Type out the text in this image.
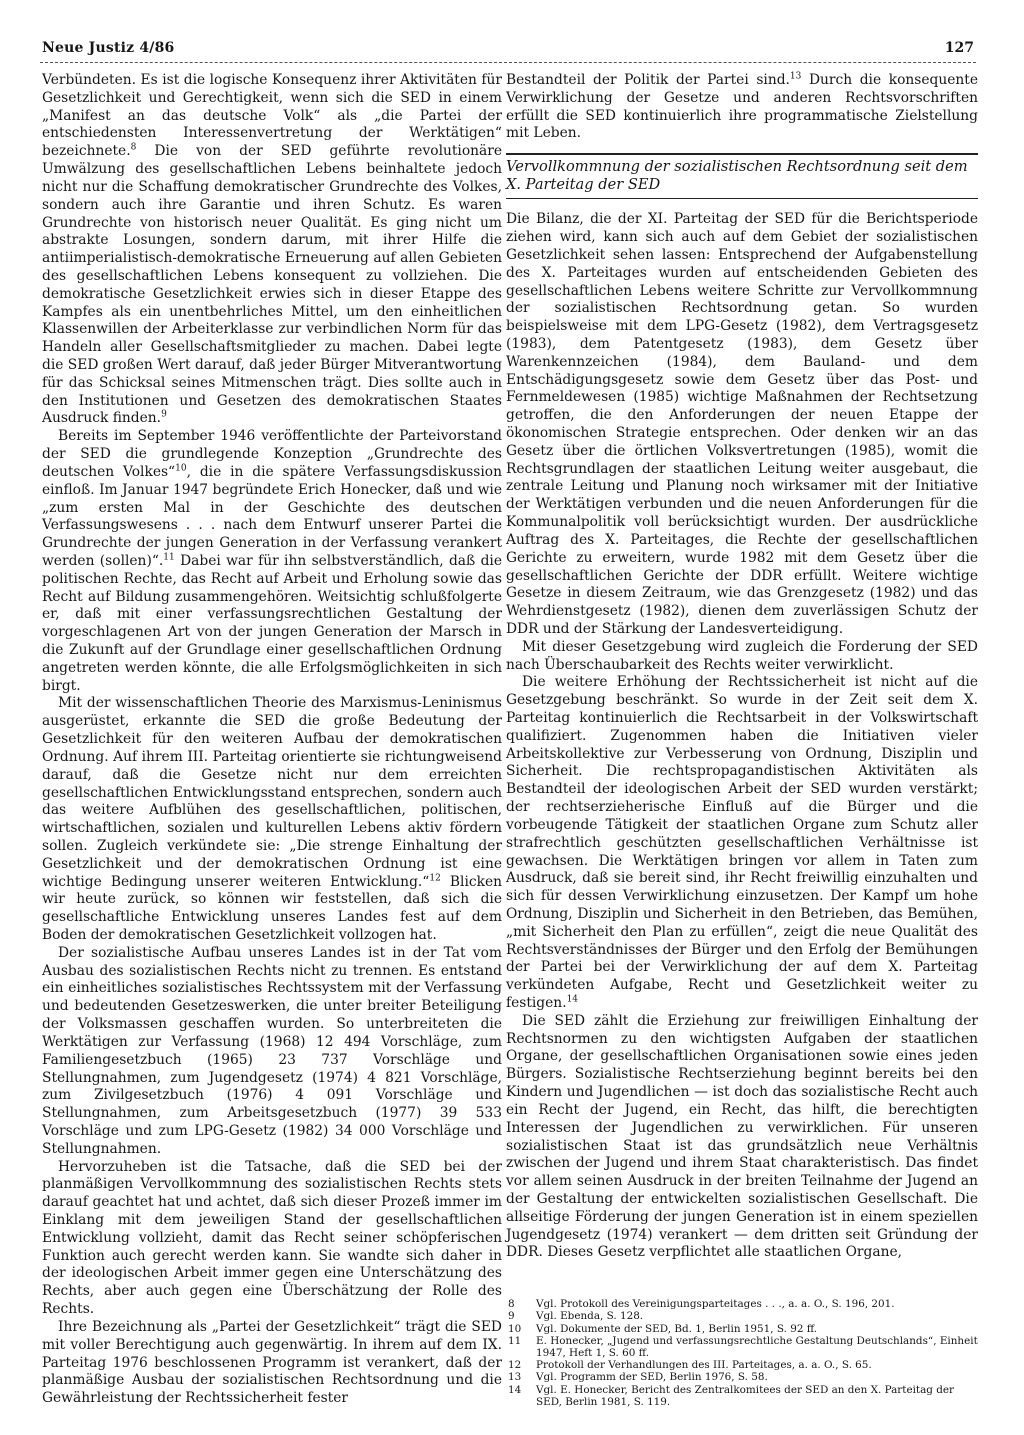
Neue Justiz 4/86	127

Verbündeten. Es ist die logische Konsequenz ihrer Aktivitäten für Gesetzlichkeit und Gerechtigkeit, wenn sich die SED in einem „Manifest an das deutsche Volk“ als „die Partei der entschiedensten Interessenvertretung der Werktätigen“ bezeichnete.$^8$ Die von der SED geführte revolutionäre Umwälzung des gesellschaftlichen Lebens beinhaltete jedoch nicht nur die Schaffung demokratischer Grundrechte des Volkes, sondern auch ihre Garantie und ihren Schutz. Es waren Grundrechte von historisch neuer Qualität. Es ging nicht um abstrakte Losungen, sondern darum, mit ihrer Hilfe die antiimperialistisch-demokratische Erneuerung auf allen Gebieten des gesellschaftlichen Lebens konsequent zu vollziehen. Die demokratische Gesetzlichkeit erwies sich in dieser Etappe des Kampfes als ein unentbehrliches Mittel, um den einheitlichen Klassenwillen der Arbeiterklasse zur verbindlichen Norm für das Handeln aller Gesellschaftsmitglieder zu machen. Dabei legte die SED großen Wert darauf, daß jeder Bürger Mitverantwortung für das Schicksal seines Mitmenschen trägt. Dies sollte auch in den Institutionen und Gesetzen des demokratischen Staates Ausdruck finden.$^9$

Bereits im September 1946 veröffentlichte der Parteivorstand der SED die grundlegende Konzeption „Grundrechte des deutschen Volkes“$^{10}$, die in die spätere Verfassungsdiskussion einfloß. Im Januar 1947 begründete Erich Honecker, daß und wie „zum ersten Mal in der Geschichte des deutschen Verfassungswesens . . . nach dem Entwurf unserer Partei die Grundrechte der jungen Generation in der Verfassung verankert werden (sollen)“.$^{11}$ Dabei war für ihn selbstverständlich, daß die politischen Rechte, das Recht auf Arbeit und Erholung sowie das Recht auf Bildung zusammengehören. Weitsichtig schlußfolgerte er, daß mit einer verfassungsrechtlichen Gestaltung der vorgeschlagenen Art von der jungen Generation der Marsch in die Zukunft auf der Grundlage einer gesellschaftlichen Ordnung angetreten werden könnte, die alle Erfolgsmöglichkeiten in sich birgt.

Mit der wissenschaftlichen Theorie des Marxismus-Leninismus ausgerüstet, erkannte die SED die große Bedeutung der Gesetzlichkeit für den weiteren Aufbau der demokratischen Ordnung. Auf ihrem III. Parteitag orientierte sie richtungweisend darauf, daß die Gesetze nicht nur dem erreichten gesellschaftlichen Entwicklungsstand entsprechen, sondern auch das weitere Aufblühen des gesellschaftlichen, politischen, wirtschaftlichen, sozialen und kulturellen Lebens aktiv fördern sollen. Zugleich verkündete sie: „Die strenge Einhaltung der Gesetzlichkeit und der demokratischen Ordnung ist eine wichtige Bedingung unserer weiteren Entwicklung.“$^{12}$ Blicken wir heute zurück, so können wir feststellen, daß sich die gesellschaftliche Entwicklung unseres Landes fest auf dem Boden der demokratischen Gesetzlichkeit vollzogen hat.

Der sozialistische Aufbau unseres Landes ist in der Tat vom Ausbau des sozialistischen Rechts nicht zu trennen. Es entstand ein einheitliches sozialistisches Rechtssystem mit der Verfassung und bedeutenden Gesetzeswerken, die unter breiter Beteiligung der Volksmassen geschaffen wurden. So unterbreiteten die Werktätigen zur Verfassung (1968) 12 494 Vorschläge, zum Familiengesetzbuch (1965) 23 737 Vorschläge und Stellungnahmen, zum Jugendgesetz (1974) 4 821 Vorschläge, zum Zivilgesetzbuch (1976) 4 091 Vorschläge und Stellungnahmen, zum Arbeitsgesetzbuch (1977) 39 533 Vorschläge und zum LPG-Gesetz (1982) 34 000 Vorschläge und Stellungnahmen.

Hervorzuheben ist die Tatsache, daß die SED bei der planmäßigen Vervollkommnung des sozialistischen Rechts stets darauf geachtet hat und achtet, daß sich dieser Prozeß immer im Einklang mit dem jeweiligen Stand der gesellschaftlichen Entwicklung vollzieht, damit das Recht seiner schöpferischen Funktion auch gerecht werden kann. Sie wandte sich daher in der ideologischen Arbeit immer gegen eine Unterschätzung des Rechts, aber auch gegen eine Überschätzung der Rolle des Rechts.

Ihre Bezeichnung als „Partei der Gesetzlichkeit“ trägt die SED mit voller Berechtigung auch gegenwärtig. In ihrem auf dem IX. Parteitag 1976 beschlossenen Programm ist verankert, daß der planmäßige Ausbau der sozialistischen Rechtsordnung und die Gewährleistung der Rechtssicherheit fester

Bestandteil der Politik der Partei sind.$^{13}$ Durch die konsequente Verwirklichung der Gesetze und anderen Rechtsvorschriften erfüllt die SED kontinuierlich ihre programmatische Zielstellung mit Leben.

Vervollkommnung der sozialistischen Rechtsordnung seit dem X. Parteitag der SED

Die Bilanz, die der XI. Parteitag der SED für die Berichtsperiode ziehen wird, kann sich auch auf dem Gebiet der sozialistischen Gesetzlichkeit sehen lassen: Entsprechend der Aufgabenstellung des X. Parteitages wurden auf entscheidenden Gebieten des gesellschaftlichen Lebens weitere Schritte zur Vervollkommnung der sozialistischen Rechtsordnung getan. So wurden beispielsweise mit dem LPG-Gesetz (1982), dem Vertragsgesetz (1983), dem Patentgesetz (1983), dem Gesetz über Warenkennzeichen (1984), dem Bauland- und dem Entschädigungsgesetz sowie dem Gesetz über das Post- und Fernmeldewesen (1985) wichtige Maßnahmen der Rechtsetzung getroffen, die den Anforderungen der neuen Etappe der ökonomischen Strategie entsprechen. Oder denken wir an das Gesetz über die örtlichen Volksvertretungen (1985), womit die Rechtsgrundlagen der staatlichen Leitung weiter ausgebaut, die zentrale Leitung und Planung noch wirksamer mit der Initiative der Werktätigen verbunden und die neuen Anforderungen für die Kommunalpolitik voll berücksichtigt wurden. Der ausdrückliche Auftrag des X. Parteitages, die Rechte der gesellschaftlichen Gerichte zu erweitern, wurde 1982 mit dem Gesetz über die gesellschaftlichen Gerichte der DDR erfüllt. Weitere wichtige Gesetze in diesem Zeitraum, wie das Grenzgesetz (1982) und das Wehrdienstgesetz (1982), dienen dem zuverlässigen Schutz der DDR und der Stärkung der Landesverteidigung.

Mit dieser Gesetzgebung wird zugleich die Forderung der SED nach Überschaubarkeit des Rechts weiter verwirklicht.

Die weitere Erhöhung der Rechtssicherheit ist nicht auf die Gesetzgebung beschränkt. So wurde in der Zeit seit dem X. Parteitag kontinuierlich die Rechtsarbeit in der Volkswirtschaft qualifiziert. Zugenommen haben die Initiativen vieler Arbeitskollektive zur Verbesserung von Ordnung, Disziplin und Sicherheit. Die rechtspropagandistischen Aktivitäten als Bestandteil der ideologischen Arbeit der SED wurden verstärkt; der rechtserzieherische Einfluß auf die Bürger und die vorbeugende Tätigkeit der staatlichen Organe zum Schutz aller strafrechtlich geschützten gesellschaftlichen Verhältnisse ist gewachsen. Die Werktätigen bringen vor allem in Taten zum Ausdruck, daß sie bereit sind, ihr Recht freiwillig einzuhalten und sich für dessen Verwirklichung einzusetzen. Der Kampf um hohe Ordnung, Disziplin und Sicherheit in den Betrieben, das Bemühen, „mit Sicherheit den Plan zu erfüllen“, zeigt die neue Qualität des Rechtsverständnisses der Bürger und den Erfolg der Bemühungen der Partei bei der Verwirklichung der auf dem X. Parteitag verkündeten Aufgabe, Recht und Gesetzlichkeit weiter zu festigen.$^{14}$

Die SED zählt die Erziehung zur freiwilligen Einhaltung der Rechtsnormen zu den wichtigsten Aufgaben der staatlichen Organe, der gesellschaftlichen Organisationen sowie eines jeden Bürgers. Sozialistische Rechtserziehung beginnt bereits bei den Kindern und Jugendlichen — ist doch das sozialistische Recht auch ein Recht der Jugend, ein Recht, das hilft, die berechtigten Interessen der Jugendlichen zu verwirklichen. Für unseren sozialistischen Staat ist das grundsätzlich neue Verhältnis zwischen der Jugend und ihrem Staat charakteristisch. Das findet vor allem seinen Ausdruck in der breiten Teilnahme der Jugend an der Gestaltung der entwickelten sozialistischen Gesellschaft. Die allseitige Förderung der jungen Generation ist in einem speziellen Jugendgesetz (1974) verankert — dem dritten seit Gründung der DDR. Dieses Gesetz verpflichtet alle staatlichen Organe,

8	Vgl. Protokoll des Vereinigungsparteitages . . ., a. a. O., S. 196, 201.
9	Vgl. Ebenda, S. 128.
10	Vgl. Dokumente der SED, Bd. 1, Berlin 1951, S. 92 ff.
11	E. Honecker, „Jugend und verfassungsrechtliche Gestaltung Deutschlands“, Einheit 1947, Heft 1, S. 60 ff.
12	Protokoll der Verhandlungen des III. Parteitages, a. a. O., S. 65.
13	Vgl. Programm der SED, Berlin 1976, S. 58.
14	Vgl. E. Honecker, Bericht des Zentralkomitees der SED an den X. Parteitag der SED, Berlin 1981, S. 119.
